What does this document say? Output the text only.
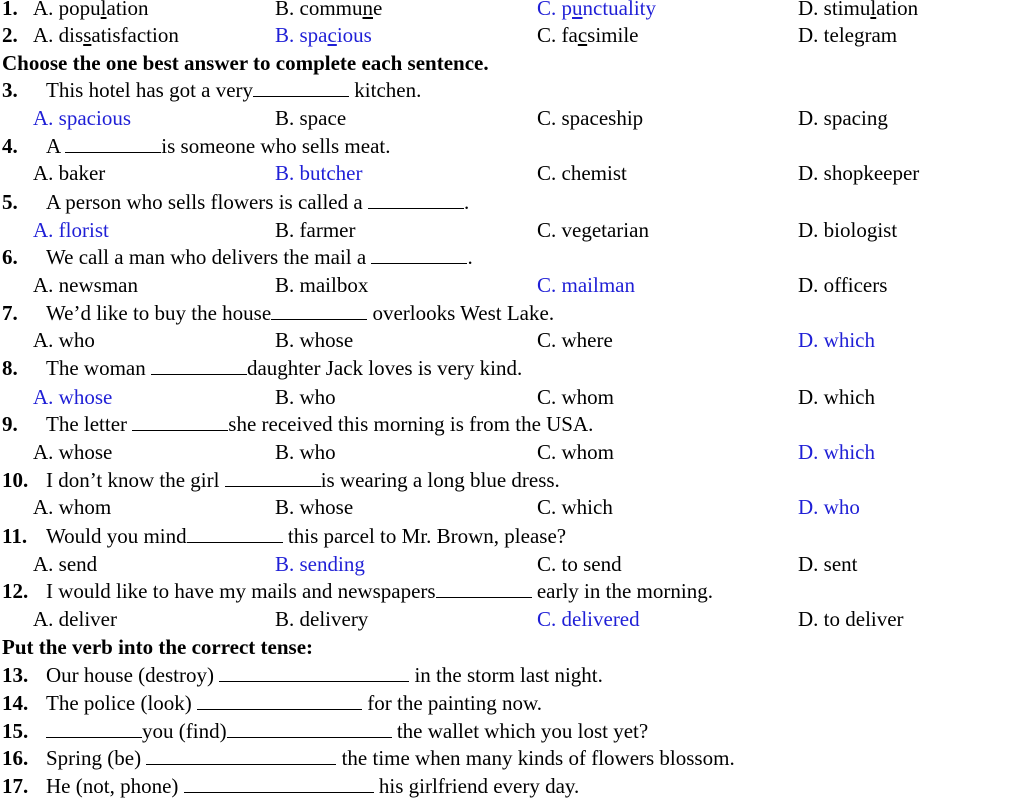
1. A. population	B. commune	C. punctuality	D. stimulation
2. A. dissatisfaction	B. spacious	C. facsimile	D. telegram
Choose the one best answer to complete each sentence.
3. This hotel has got a very	kitchen.
A. spacious	B. space	C. spaceship	D. spacing
4. A	is someone who sells meat.
A. baker	B. butcher	C. chemist	D. shopkeeper
5. A person who sells flowers is called a	.
A. florist	B. farmer	C. vegetarian	D. biologist
6. We call a man who delivers the mail a	.
A. newsman	B. mailbox	C. mailman	D. officers
7. We’d like to buy the house	overlooks West Lake.
A. who	B. whose	C. where	D. which
8. The woman	daughter Jack loves is very kind.
A. whose	B. who	C. whom	D. which
9. The letter	she received this morning is from the USA.
A. whose	B. who	C. whom	D. which
10. I don’t know the girl	is wearing a long blue dress.
A. whom	B. whose	C. which	D. who
11. Would you mind	this parcel to Mr. Brown, please?
A. send	B. sending	C. to send	D. sent
12. I would like to have my mails and newspapers	early in the morning.
A. deliver	B. delivery	C. delivered	D. to deliver
Put the verb into the correct tense:
13. Our house (destroy)	in the storm last night.
14. The police (look)	for the painting now.
15.	you (find)	the wallet which you lost yet?
16. Spring (be)	the time when many kinds of flowers blossom.
17. He (not, phone)	his girlfriend every day.
